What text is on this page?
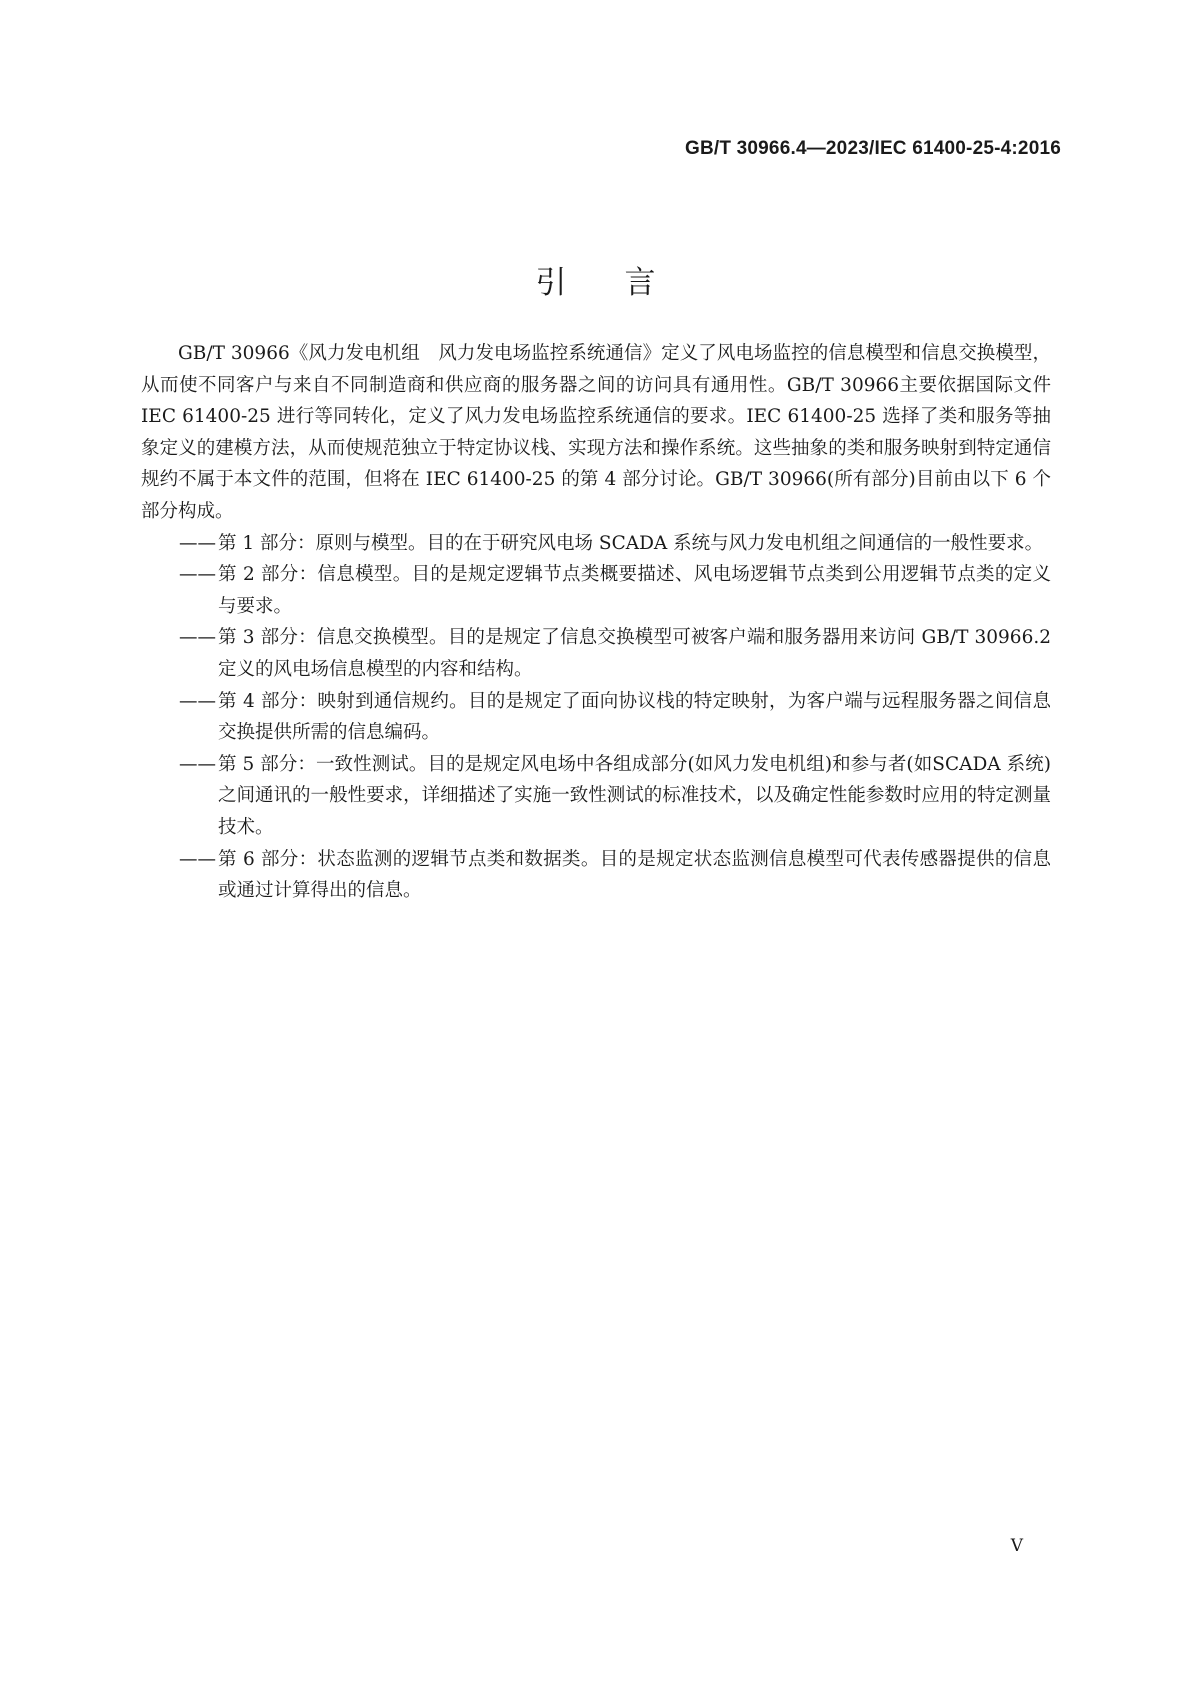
GB/T 30966.4—2023/IEC 61400-25-4:2016
引言

GB/T 30966《风力发电机组　风力发电场监控系统通信》定义了风电场监控的信息模型和信息交换模型，从而使不同客户与来自不同制造商和供应商的服务器之间的访问具有通用性。GB/T 30966主要依据国际文件 IEC 61400-25 进行等同转化，定义了风力发电场监控系统通信的要求。IEC 61400-25 选择了类和服务等抽象定义的建模方法，从而使规范独立于特定协议栈、实现方法和操作系统。这些抽象的类和服务映射到特定通信规约不属于本文件的范围，但将在 IEC 61400-25 的第 4 部分讨论。GB/T 30966(所有部分)目前由以下 6 个部分构成。

—— 第 1 部分：原则与模型。目的在于研究风电场 SCADA 系统与风力发电机组之间通信的一般性要求。
—— 第 2 部分：信息模型。目的是规定逻辑节点类概要描述、风电场逻辑节点类到公用逻辑节点类的定义与要求。
—— 第 3 部分：信息交换模型。目的是规定了信息交换模型可被客户端和服务器用来访问 GB/T 30966.2定义的风电场信息模型的内容和结构。
—— 第 4 部分：映射到通信规约。目的是规定了面向协议栈的特定映射，为客户端与远程服务器之间信息交换提供所需的信息编码。
—— 第 5 部分：一致性测试。目的是规定风电场中各组成部分(如风力发电机组)和参与者(如SCADA 系统)之间通讯的一般性要求，详细描述了实施一致性测试的标准技术，以及确定性能参数时应用的特定测量技术。
—— 第 6 部分：状态监测的逻辑节点类和数据类。目的是规定状态监测信息模型可代表传感器提供的信息或通过计算得出的信息。
V
